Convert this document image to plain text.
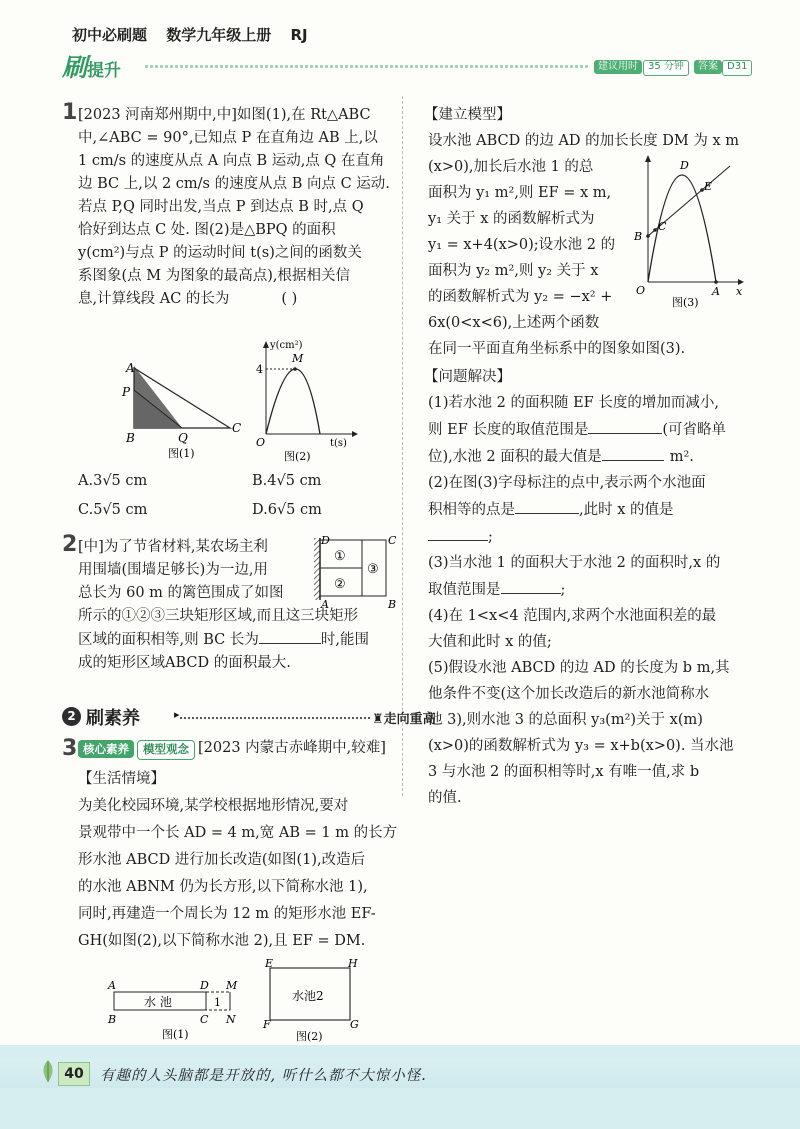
初中必刷题 数学九年级上册 RJ
刷提升	建议用时	35 分钟	答案 D31
1 [2023 河南郑州期中,中]如图(1),在 Rt△ABC
中,∠ABC = 90°,已知点 P 在直角边 AB 上,以
1 cm/s 的速度从点 A 向点 B 运动,点 Q 在直角
边 BC 上,以 2 cm/s 的速度从点 B 向点 C 运动.
若点 P,Q 同时出发,当点 P 到达点 B 时,点 Q
恰好到达点 C 处. 图(2)是△BPQ 的面积
y(cm²)与点 P 的运动时间 t(s)之间的函数关
系图象(点 M 为图象的最高点),根据相关信
息,计算线段 AC 的长为	( )
A
P
B	Q
C
图(1)
y(cm²)
M
4
O	t(s)
图(2)
A.3√5 cm	B.4√5 cm
C.5√5 cm	D.6√5 cm
2 [中]为了节省材料,某农场主利
用围墙(围墙足够长)为一边,用
总长为 60 m 的篱笆围成了如图
所示的①②③三块矩形区域,而且这三块矩形
区域的面积相等,则 BC 长为	时,能围
成的矩形区域ABCD 的面积最大.
D
A
C
B
①
②
③
2 刷素养	▸	♜走向重高
3 核心素养	模型观念 [2023 内蒙古赤峰期中,较难]
【生活情境】
为美化校园环境,某学校根据地形情况,要对
景观带中一个长 AD = 4 m,宽 AB = 1 m 的长方
形水池 ABCD 进行加长改造(如图(1),改造后
的水池 ABNM 仍为长方形,以下简称水池 1),
同时,再建造一个周长为 12 m 的矩形水池 EF-
GH(如图(2),以下简称水池 2),且 EF = DM.
A	D M
B	C N
水 池	1
图(1)
E	H
F	G
水池2
图(2)
【建立模型】
设水池 ABCD 的边 AD 的加长长度 DM 为 x m
(x>0),加长后水池 1 的总
面积为 y₁ m²,则 EF = x m,
y₁ 关于 x 的函数解析式为
y₁ = x+4(x>0);设水池 2 的
面积为 y₂ m²,则 y₂ 关于 x
的函数解析式为 y₂ = −x² +
6x(0<x<6),上述两个函数
在同一平面直角坐标系中的图象如图(3).
D
E
C
B
O	A x
图(3)
【问题解决】
(1)若水池 2 的面积随 EF 长度的增加而减小,
则 EF 长度的取值范围是	(可省略单
位),水池 2 面积的最大值是	m².
(2)在图(3)字母标注的点中,表示两个水池面
积相等的点是	,此时 x 的值是
;
(3)当水池 1 的面积大于水池 2 的面积时,x 的
取值范围是	;
(4)在 1<x<4 范围内,求两个水池面积差的最
大值和此时 x 的值;
(5)假设水池 ABCD 的边 AD 的长度为 b m,其
他条件不变(这个加长改造后的新水池简称水
池 3),则水池 3 的总面积 y₃(m²)关于 x(m)
(x>0)的函数解析式为 y₃ = x+b(x>0). 当水池
3 与水池 2 的面积相等时,x 有唯一值,求 b
的值.
40	有趣的人头脑都是开放的, 听什么都不大惊小怪.
